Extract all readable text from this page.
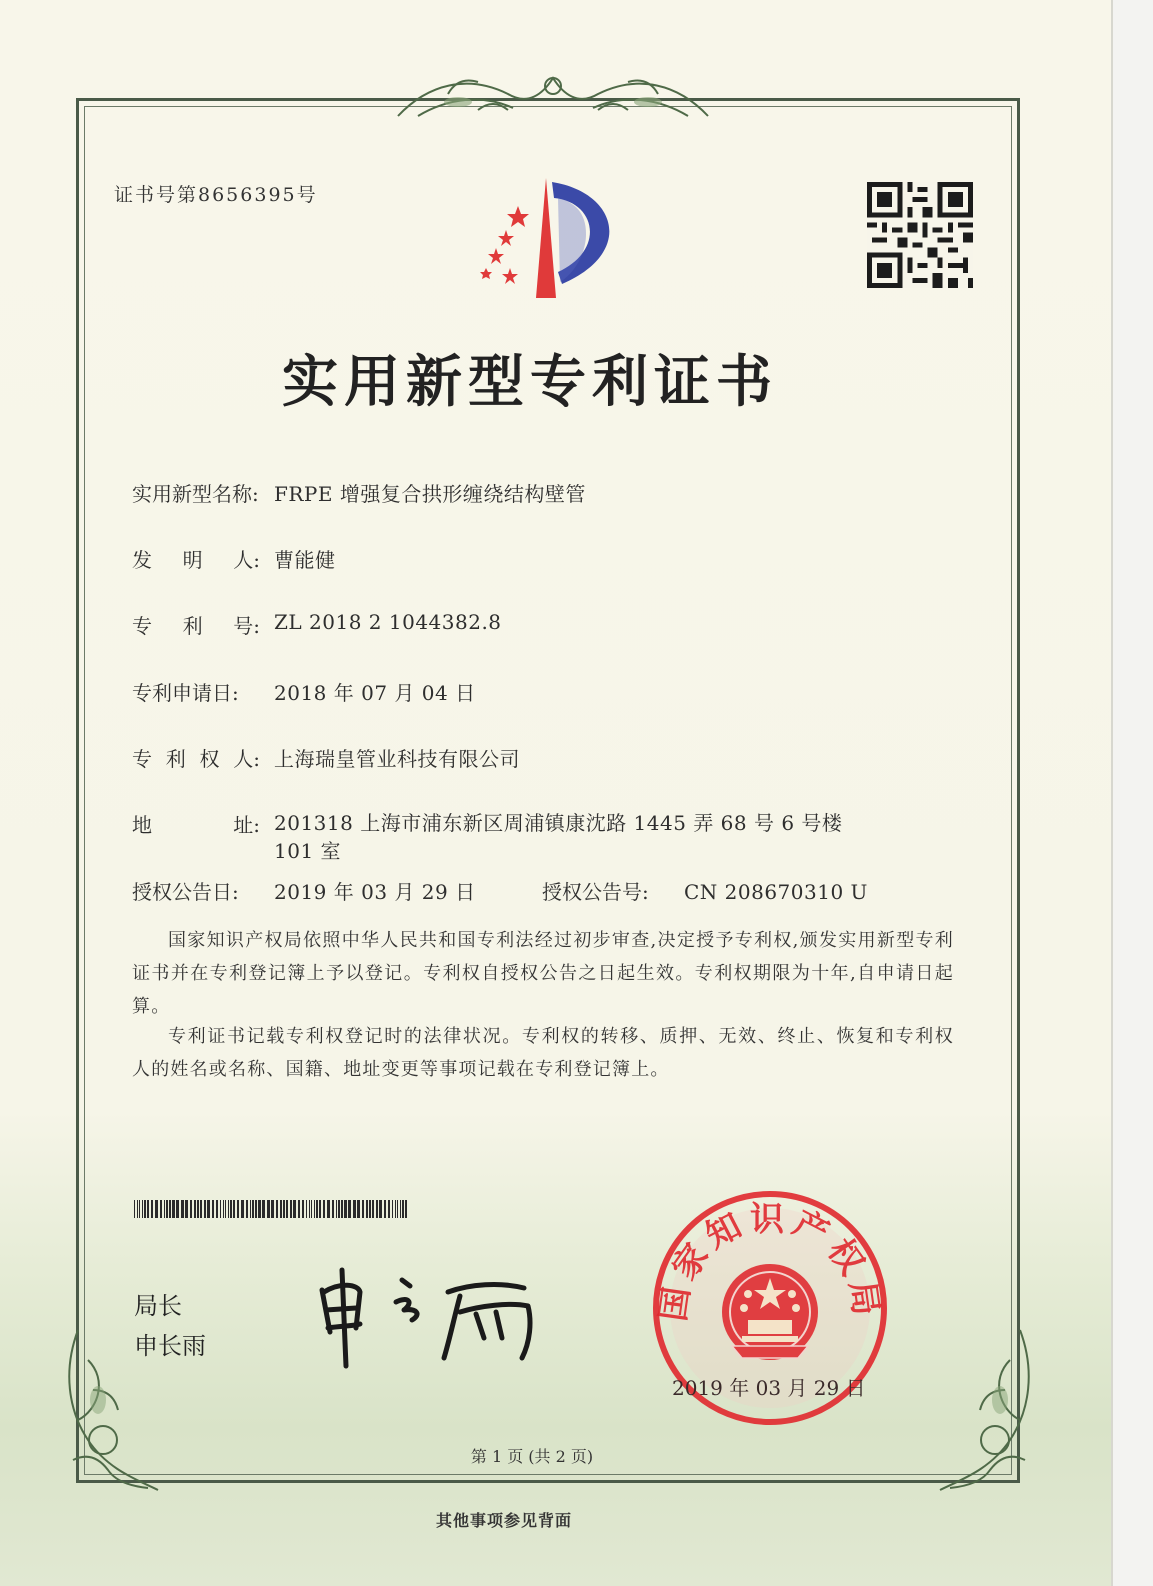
证书号第8656395号
实用新型专利证书
实用新型名称: FRPE 增强复合拱形缠绕结构壁管
发 明 人: 曹能健
专 利 号: ZL 2018 2 1044382.8
专利申请日: 2018 年 07 月 04 日
专 利 权 人: 上海瑞皇管业科技有限公司
地	址: 201318 上海市浦东新区周浦镇康沈路 1445 弄 68 号 6 号楼 101 室
授权公告日: 2019 年 03 月 29 日	授权公告号: CN 208670310 U
国家知识产权局依照中华人民共和国专利法经过初步审查,决定授予专利权,颁发实用新型专利证书并在专利登记簿上予以登记。专利权自授权公告之日起生效。专利权期限为十年,自申请日起算。
专利证书记载专利权登记时的法律状况。专利权的转移、质押、无效、终止、恢复和专利权人的姓名或名称、国籍、地址变更等事项记载在专利登记簿上。
局长
申长雨
国家知识产权局
2019 年 03 月 29 日
第 1 页 (共 2 页)
其他事项参见背面
